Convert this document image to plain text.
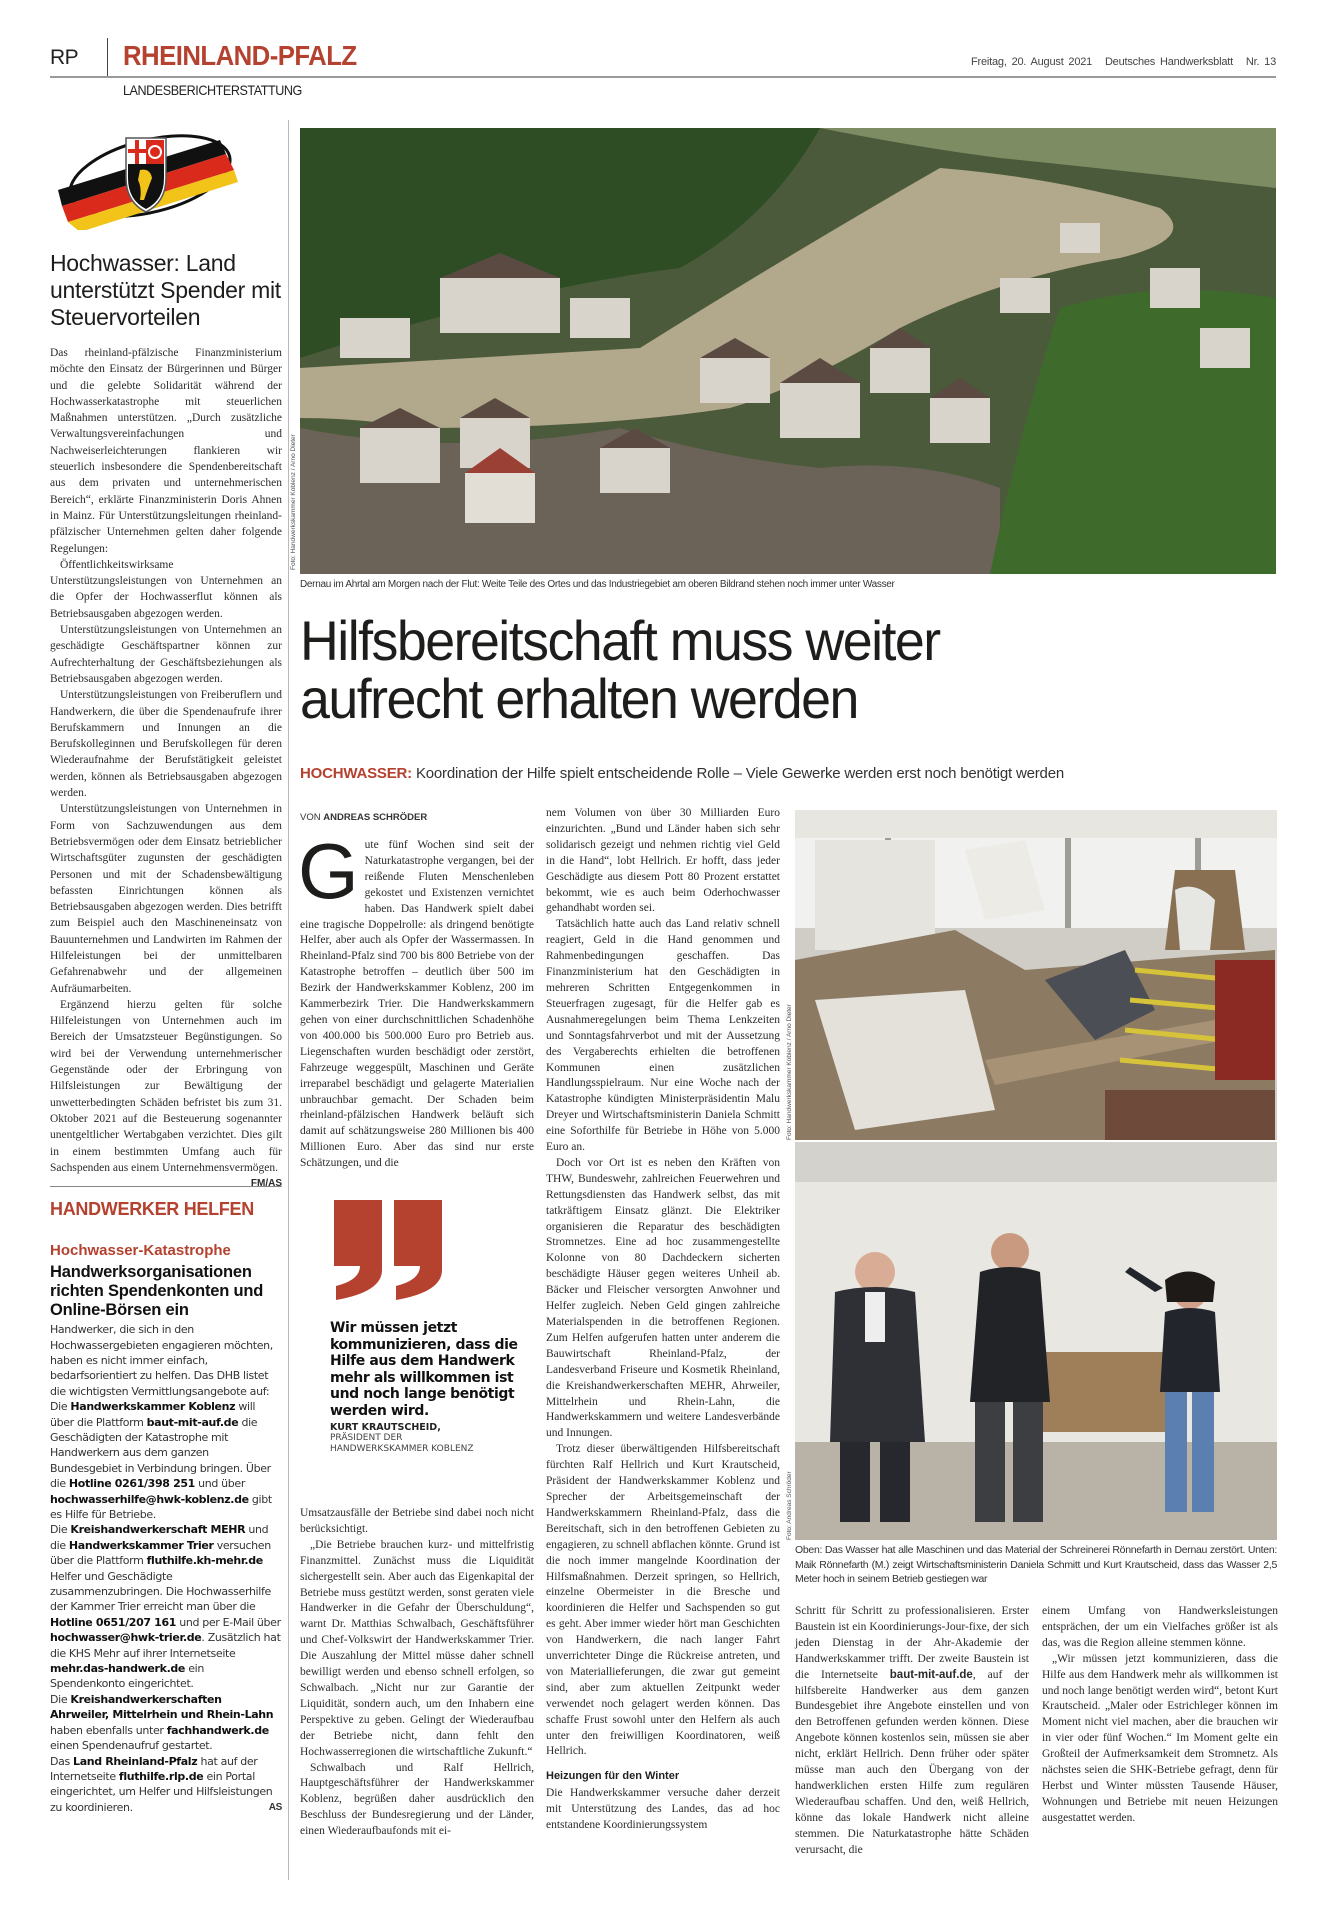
RP RHEINLAND-PFALZ	Freitag, 20. August 2021 Deutsches Handwerksblatt Nr. 13
LANDESBERICHTERSTATTUNG
Hochwasser: Land unterstützt Spender mit Steuervorteilen

Das rheinland-pfälzische Finanzministerium möchte den Einsatz der Bürgerinnen und Bürger und die gelebte Solidarität während der Hochwasserkatastrophe mit steuerlichen Maßnahmen unterstützen. „Durch zusätzliche Verwaltungsvereinfachungen und Nachweiserleichterungen flankieren wir steuerlich insbesondere die Spendenbereitschaft aus dem privaten und unternehmerischen Bereich“, erklärte Finanzministerin Doris Ahnen in Mainz. Für Unterstützungsleitungen rheinland-pfälzischer Unternehmen gelten daher folgende Regelungen:

Öffentlichkeitswirksame Unterstützungsleistungen von Unternehmen an die Opfer der Hochwasserflut können als Betriebsausgaben abgezogen werden.

Unterstützungsleistungen von Unternehmen an geschädigte Geschäftspartner können zur Aufrechterhaltung der Geschäftsbeziehungen als Betriebsausgaben abgezogen werden.

Unterstützungsleistungen von Freiberuflern und Handwerkern, die über die Spendenaufrufe ihrer Berufskammern und Innungen an die Berufskolleginnen und Berufskollegen für deren Wiederaufnahme der Berufstätigkeit geleistet werden, können als Betriebsausgaben abgezogen werden.

Unterstützungsleistungen von Unternehmen in Form von Sachzuwendungen aus dem Betriebsvermögen oder dem Einsatz betrieblicher Wirtschaftsgüter zugunsten der geschädigten Personen und mit der Schadensbewältigung befassten Einrichtungen können als Betriebsausgaben abgezogen werden. Dies betrifft zum Beispiel auch den Maschineneinsatz von Bauunternehmen und Landwirten im Rahmen der Hilfeleistungen bei der unmittelbaren Gefahrenabwehr und der allgemeinen Aufräumarbeiten.

Ergänzend hierzu gelten für solche Hilfeleistungen von Unternehmen auch im Bereich der Umsatzsteuer Begünstigungen. So wird bei der Verwendung unternehmerischer Gegenstände oder der Erbringung von Hilfsleistungen zur Bewältigung der unwetterbedingten Schäden befristet bis zum 31. Oktober 2021 auf die Besteuerung sogenannter unentgeltlicher Wertabgaben verzichtet. Dies gilt in einem bestimmten Umfang auch für Sachspenden aus einem Unternehmensvermögen.
FM/AS

HANDWERKER HELFEN
Hochwasser-Katastrophe
Handwerksorganisationen richten Spendenkonten und Online-Börsen ein
Handwerker, die sich in den Hochwassergebieten engagieren möchten, haben es nicht immer einfach, bedarfsorientiert zu helfen. Das DHB listet die wichtigsten Vermittlungsangebote auf:
Die Handwerkskammer Koblenz will über die Plattform baut-mit-auf.de die Geschädigten der Katastrophe mit Handwerkern aus dem ganzen Bundesgebiet in Verbindung bringen. Über die Hotline 0261/398 251 und über hochwasserhilfe@hwk-koblenz.de gibt es Hilfe für Betriebe.
Die Kreishandwerkerschaft MEHR und die Handwerkskammer Trier versuchen über die Plattform fluthilfe.kh-mehr.de Helfer und Geschädigte zusammenzubringen. Die Hochwasserhilfe der Kammer Trier erreicht man über die Hotline 0651/207 161 und per E-Mail über hochwasser@hwk-trier.de. Zusätzlich hat die KHS Mehr auf ihrer Internetseite mehr.das-handwerk.de ein Spendenkonto eingerichtet.
Die Kreishandwerkerschaften Ahrweiler, Mittelrhein und Rhein-Lahn haben ebenfalls unter fachhandwerk.de einen Spendenaufruf gestartet.
Das Land Rheinland-Pfalz hat auf der Internetseite fluthilfe.rlp.de ein Portal eingerichtet, um Helfer und Hilfsleistungen zu koordinieren.	AS
Foto: Handwerkskammer Koblenz / Arno Dieter
Dernau im Ahrtal am Morgen nach der Flut: Weite Teile des Ortes und das Industriegebiet am oberen Bildrand stehen noch immer unter Wasser
Hilfsbereitschaft muss weiter
aufrecht erhalten werden
HOCHWASSER: Koordination der Hilfe spielt entscheidende Rolle – Viele Gewerke werden erst noch benötigt werden
VON ANDREAS SCHRÖDER

Gute fünf Wochen sind seit der Naturkatastrophe vergangen, bei der reißende Fluten Menschenleben gekostet und Existenzen vernichtet haben. Das Handwerk spielt dabei eine tragische Doppelrolle: als dringend benötigte Helfer, aber auch als Opfer der Wassermassen. In Rheinland-Pfalz sind 700 bis 800 Betriebe von der Katastrophe betroffen – deutlich über 500 im Bezirk der Handwerkskammer Koblenz, 200 im Kammerbezirk Trier. Die Handwerkskammern gehen von einer durchschnittlichen Schadenhöhe von 400.000 bis 500.000 Euro pro Betrieb aus. Liegenschaften wurden beschädigt oder zerstört, Fahrzeuge weggespült, Maschinen und Geräte irreparabel beschädigt und gelagerte Materialien unbrauchbar gemacht. Der Schaden beim rheinland-pfälzischen Handwerk beläuft sich damit auf schätzungsweise 280 Millionen bis 400 Millionen Euro. Aber das sind nur erste Schätzungen, und die

Wir müssen jetzt kommunizieren, dass die Hilfe aus dem Handwerk mehr als willkommen ist und noch lange benötigt werden wird.
KURT KRAUTSCHEID,
PRÄSIDENT DER
HANDWERKSKAMMER KOBLENZ

Umsatzausfälle der Betriebe sind dabei noch nicht berücksichtigt.

„Die Betriebe brauchen kurz- und mittelfristig Finanzmittel. Zunächst muss die Liquidität sichergestellt sein. Aber auch das Eigenkapital der Betriebe muss gestützt werden, sonst geraten viele Handwerker in die Gefahr der Überschuldung“, warnt Dr. Matthias Schwalbach, Geschäftsführer und Chef-Volkswirt der Handwerkskammer Trier. Die Auszahlung der Mittel müsse daher schnell bewilligt werden und ebenso schnell erfolgen, so Schwalbach. „Nicht nur zur Garantie der Liquidität, sondern auch, um den Inhabern eine Perspektive zu geben. Gelingt der Wiederaufbau der Betriebe nicht, dann fehlt den Hochwasserregionen die wirtschaftliche Zukunft.“

Schwalbach und Ralf Hellrich, Hauptgeschäftsführer der Handwerkskammer Koblenz, begrüßen daher ausdrücklich den Beschluss der Bundesregierung und der Länder, einen Wiederaufbaufonds mit ei-

nem Volumen von über 30 Milliarden Euro einzurichten. „Bund und Länder haben sich sehr solidarisch gezeigt und nehmen richtig viel Geld in die Hand“, lobt Hellrich. Er hofft, dass jeder Geschädigte aus diesem Pott 80 Prozent erstattet bekommt, wie es auch beim Oderhochwasser gehandhabt worden sei.

Tatsächlich hatte auch das Land relativ schnell reagiert, Geld in die Hand genommen und Rahmenbedingungen geschaffen. Das Finanzministerium hat den Geschädigten in mehreren Schritten Entgegenkommen in Steuerfragen zugesagt, für die Helfer gab es Ausnahmeregelungen beim Thema Lenkzeiten und Sonntagsfahrverbot und mit der Aussetzung des Vergaberechts erhielten die betroffenen Kommunen einen zusätzlichen Handlungsspielraum. Nur eine Woche nach der Katastrophe kündigten Ministerpräsidentin Malu Dreyer und Wirtschaftsministerin Daniela Schmitt eine Soforthilfe für Betriebe in Höhe von 5.000 Euro an.

Doch vor Ort ist es neben den Kräften von THW, Bundeswehr, zahlreichen Feuerwehren und Rettungsdiensten das Handwerk selbst, das mit tatkräftigem Einsatz glänzt. Die Elektriker organisieren die Reparatur des beschädigten Stromnetzes. Eine ad hoc zusammengestellte Kolonne von 80 Dachdeckern sicherten beschädigte Häuser gegen weiteres Unheil ab. Bäcker und Fleischer versorgten Anwohner und Helfer zugleich. Neben Geld gingen zahlreiche Materialspenden in die betroffenen Regionen. Zum Helfen aufgerufen hatten unter anderem die Bauwirtschaft Rheinland-Pfalz, der Landesverband Friseure und Kosmetik Rheinland, die Kreishandwerkerschaften MEHR, Ahrweiler, Mittelrhein und Rhein-Lahn, die Handwerkskammern und weitere Landesverbände und Innungen.

Trotz dieser überwältigenden Hilfsbereitschaft fürchten Ralf Hellrich und Kurt Krautscheid, Präsident der Handwerkskammer Koblenz und Sprecher der Arbeitsgemeinschaft der Handwerkskammern Rheinland-Pfalz, dass die Bereitschaft, sich in den betroffenen Gebieten zu engagieren, zu schnell abflachen könnte. Grund ist die noch immer mangelnde Koordination der Hilfsmaßnahmen. Derzeit springen, so Hellrich, einzelne Obermeister in die Bresche und koordinieren die Helfer und Sachspenden so gut es geht. Aber immer wieder hört man Geschichten von Handwerkern, die nach langer Fahrt unverrichteter Dinge die Rückreise antreten, und von Materiallieferungen, die zwar gut gemeint sind, aber zum aktuellen Zeitpunkt weder verwendet noch gelagert werden können. Das schaffe Frust sowohl unter den Helfern als auch unter den freiwilligen Koordinatoren, weiß Hellrich.

Heizungen für den Winter

Die Handwerkskammer versuche daher derzeit mit Unterstützung des Landes, das ad hoc entstandene Koordinierungssystem

Foto: Handwerkskammer Koblenz / Arno Dieter
Foto: Andreas Schröder
Oben: Das Wasser hat alle Maschinen und das Material der Schreinerei Rönnefarth in Dernau zerstört. Unten: Maik Rönnefarth (M.) zeigt Wirtschaftsministerin Daniela Schmitt und Kurt Krautscheid, dass das Wasser 2,5 Meter hoch in seinem Betrieb gestiegen war

Schritt für Schritt zu professionalisieren. Erster Baustein ist ein Koordinierungs-Jour-fixe, der sich jeden Dienstag in der Ahr-Akademie der Handwerkskammer trifft. Der zweite Baustein ist die Internetseite baut-mit-auf.de, auf der hilfsbereite Handwerker aus dem ganzen Bundesgebiet ihre Angebote einstellen und von den Betroffenen gefunden werden können. Diese Angebote können kostenlos sein, müssen sie aber nicht, erklärt Hellrich. Denn früher oder später müsse man auch den Übergang von der handwerklichen ersten Hilfe zum regulären Wiederaufbau schaffen. Und den, weiß Hellrich, könne das lokale Handwerk nicht alleine stemmen. Die Naturkatastrophe hätte Schäden verursacht, die

einem Umfang von Handwerksleistungen entsprächen, der um ein Vielfaches größer ist als das, was die Region alleine stemmen könne.

„Wir müssen jetzt kommunizieren, dass die Hilfe aus dem Handwerk mehr als willkommen ist und noch lange benötigt werden wird“, betont Kurt Krautscheid. „Maler oder Estrichleger können im Moment nicht viel machen, aber die brauchen wir in vier oder fünf Wochen.“ Im Moment gelte ein Großteil der Aufmerksamkeit dem Stromnetz. Als nächstes seien die SHK-Betriebe gefragt, denn für Herbst und Winter müssten Tausende Häuser, Wohnungen und Betriebe mit neuen Heizungen ausgestattet werden.
